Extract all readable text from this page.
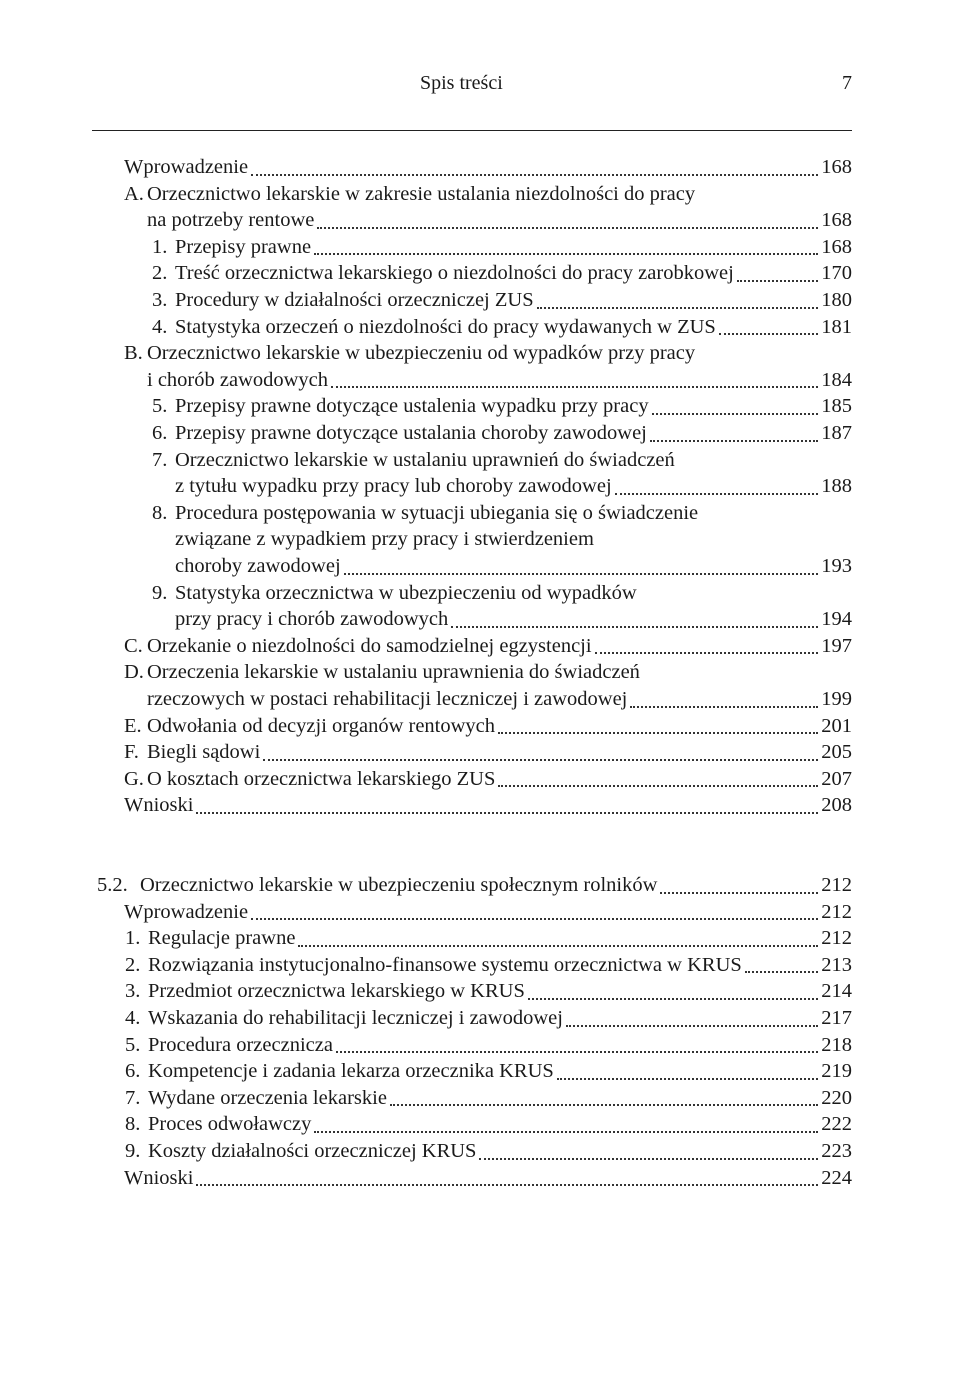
Spis treści	7
Wprowadzenie	168
A. Orzecznictwo lekarskie w zakresie ustalania niezdolności do pracy
na potrzeby rentowe	168
1. Przepisy prawne	168
2. Treść orzecznictwa lekarskiego o niezdolności do pracy zarobkowej	170
3. Procedury w działalności orzeczniczej ZUS	180
4. Statystyka orzeczeń o niezdolności do pracy wydawanych w ZUS	181
B. Orzecznictwo lekarskie w ubezpieczeniu od wypadków przy pracy
i chorób zawodowych	184
5. Przepisy prawne dotyczące ustalenia wypadku przy pracy	185
6. Przepisy prawne dotyczące ustalania choroby zawodowej	187
7. Orzecznictwo lekarskie w ustalaniu uprawnień do świadczeń
z tytułu wypadku przy pracy lub choroby zawodowej	188
8. Procedura postępowania w sytuacji ubiegania się o świadczenie
związane z wypadkiem przy pracy i stwierdzeniem
choroby zawodowej	193
9. Statystyka orzecznictwa w ubezpieczeniu od wypadków
przy pracy i chorób zawodowych	194
C. Orzekanie o niezdolności do samodzielnej egzystencji	197
D. Orzeczenia lekarskie w ustalaniu uprawnienia do świadczeń
rzeczowych w postaci rehabilitacji leczniczej i zawodowej	199
E. Odwołania od decyzji organów rentowych	201
F. Biegli sądowi	205
G. O kosztach orzecznictwa lekarskiego ZUS	207
Wnioski	208
5.2. Orzecznictwo lekarskie w ubezpieczeniu społecznym rolników	212
Wprowadzenie	212
1. Regulacje prawne	212
2. Rozwiązania instytucjonalno-finansowe systemu orzecznictwa w KRUS	213
3. Przedmiot orzecznictwa lekarskiego w KRUS	214
4. Wskazania do rehabilitacji leczniczej i zawodowej	217
5. Procedura orzecznicza	218
6. Kompetencje i zadania lekarza orzecznika KRUS	219
7. Wydane orzeczenia lekarskie	220
8. Proces odwoławczy	222
9. Koszty działalności orzeczniczej KRUS	223
Wnioski	224
